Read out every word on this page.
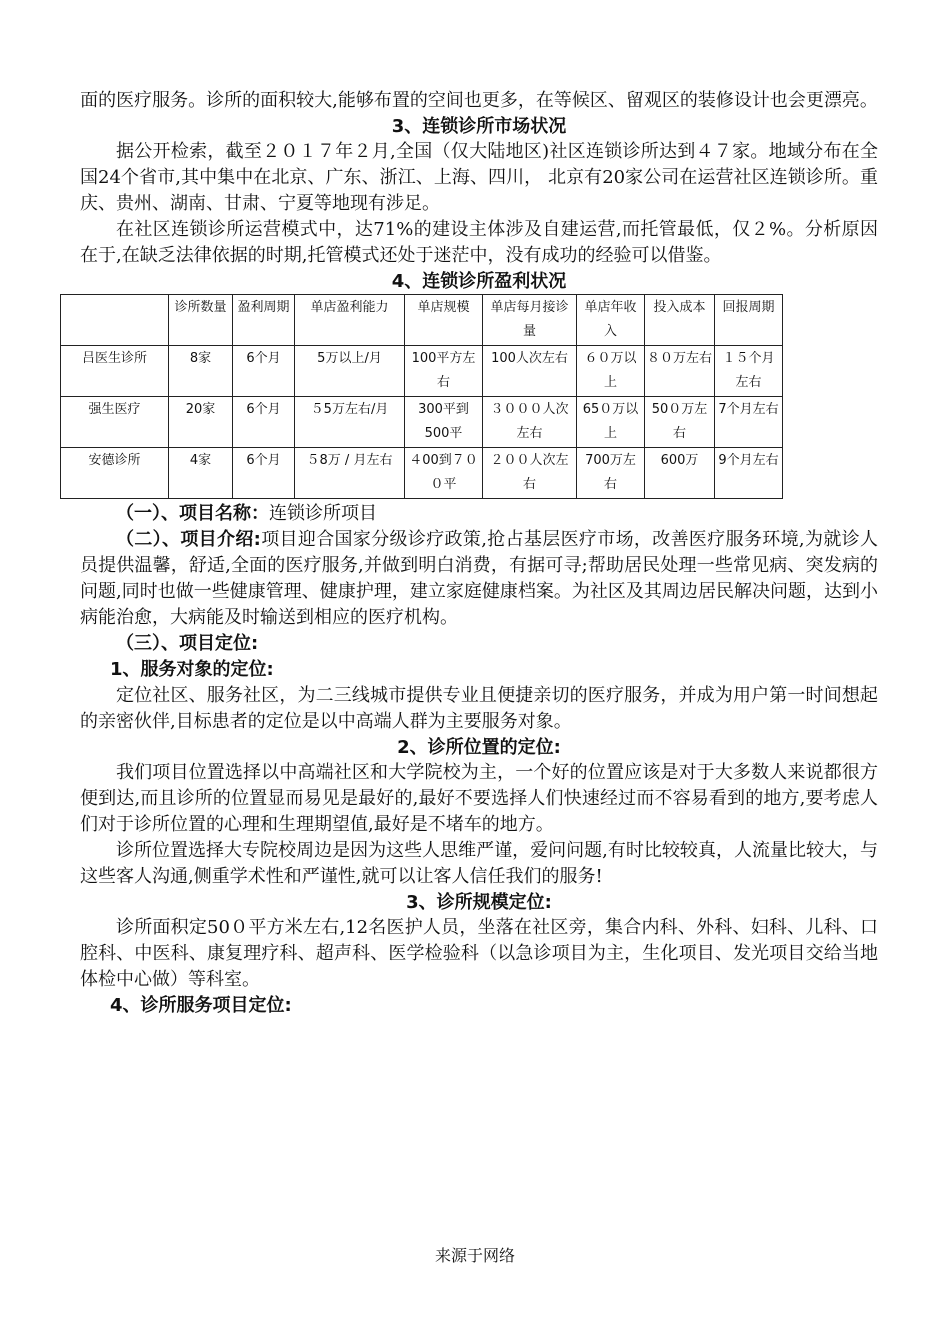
面的医疗服务。诊所的面积较大,能够布置的空间也更多，在等候区、留观区的装修设计也会更漂亮。

3、连锁诊所市场状况

据公开检索，截至２０１７年２月,全国（仅大陆地区)社区连锁诊所达到４７家。地域分布在全国24个省市,其中集中在北京、广东、浙江、上海、四川， 北京有20家公司在运营社区连锁诊所。重庆、贵州、湖南、甘肃、宁夏等地现有涉足。

在社区连锁诊所运营模式中，达71%的建设主体涉及自建运营,而托管最低，仅２%。分析原因在于,在缺乏法律依据的时期,托管模式还处于迷茫中，没有成功的经验可以借鉴。

4、连锁诊所盈利状况

	诊所数量	盈利周期	单店盈利能力	单店规模	单店每月接诊量	单店年收入	投入成本	回报周期
吕医生诊所	8家	6个月	5万以上/月	100平方左右	100人次左右	６０万以上	８０万左右	１５个月左右
强生医疗	20家	6个月	５5万左右/月	300平到500平	３０００人次左右	65０万以上	50０万左右	7个月左右
安德诊所	4家	6个月	５8万 / 月左右	４00到７００平	２００人次左右	700万左右	600万	9个月左右

（一）、项目名称：连锁诊所项目

（二）、项目介绍:项目迎合国家分级诊疗政策,抢占基层医疗市场，改善医疗服务环境,为就诊人员提供温馨，舒适,全面的医疗服务,并做到明白消费，有据可寻;帮助居民处理一些常见病、突发病的问题,同时也做一些健康管理、健康护理，建立家庭健康档案。为社区及其周边居民解决问题，达到小病能治愈，大病能及时输送到相应的医疗机构。

（三）、项目定位:

1、服务对象的定位:

定位社区、服务社区，为二三线城市提供专业且便捷亲切的医疗服务，并成为用户第一时间想起的亲密伙伴,目标患者的定位是以中高端人群为主要服务对象。

2、诊所位置的定位:

我们项目位置选择以中高端社区和大学院校为主，一个好的位置应该是对于大多数人来说都很方便到达,而且诊所的位置显而易见是最好的,最好不要选择人们快速经过而不容易看到的地方,要考虑人们对于诊所位置的心理和生理期望值,最好是不堵车的地方。

诊所位置选择大专院校周边是因为这些人思维严谨，爱问问题,有时比较较真，人流量比较大，与这些客人沟通,侧重学术性和严谨性,就可以让客人信任我们的服务!

3、诊所规模定位:

诊所面积定50０平方米左右,12名医护人员，坐落在社区旁，集合内科、外科、妇科、儿科、口腔科、中医科、康复理疗科、超声科、医学检验科（以急诊项目为主，生化项目、发光项目交给当地体检中心做）等科室。

4、诊所服务项目定位:

来源于网络
